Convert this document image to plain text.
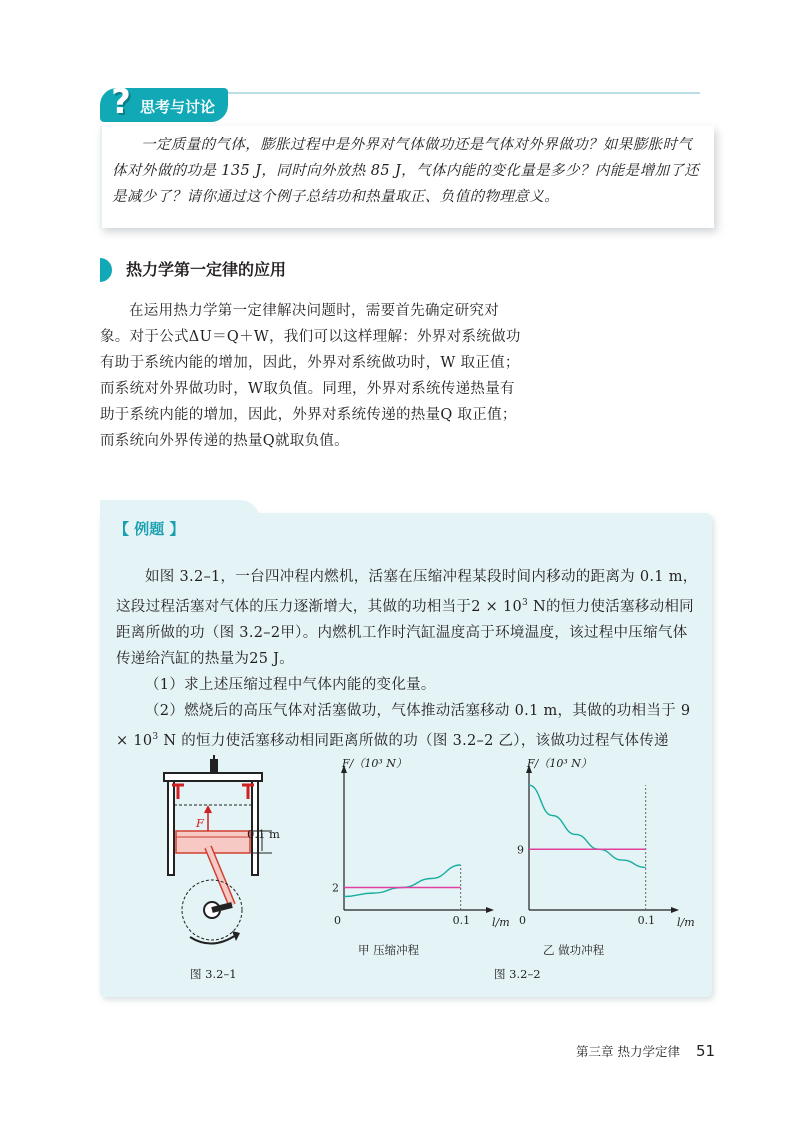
? 思考与讨论
一定质量的气体，膨胀过程中是外界对气体做功还是气体对外界做功？如果膨胀时气体对外做的功是 135 J，同时向外放热 85 J，气体内能的变化量是多少？内能是增加了还是减少了？请你通过这个例子总结功和热量取正、负值的物理意义。
热力学第一定律的应用
在运用热力学第一定律解决问题时，需要首先确定研究对象。对于公式ΔU＝Q＋W，我们可以这样理解：外界对系统做功有助于系统内能的增加，因此，外界对系统做功时，W 取正值；而系统对外界做功时，W取负值。同理，外界对系统传递热量有助于系统内能的增加，因此，外界对系统传递的热量Q 取正值；而系统向外界传递的热量Q就取负值。
【 例题 】

如图 3.2–1，一台四冲程内燃机，活塞在压缩冲程某段时间内移动的距离为 0.1 m，这段过程活塞对气体的压力逐渐增大，其做的功相当于$2 \times 10^3$ N的恒力使活塞移动相同距离所做的功（图 3.2–2甲）。内燃机工作时汽缸温度高于环境温度，该过程中压缩气体传递给汽缸的热量为25 J。

（1）求上述压缩过程中气体内能的变化量。

（2）燃烧后的高压气体对活塞做功，气体推动活塞移动 0.1 m，其做的功相当于 $9 \times 10^3$ N 的恒力使活塞移动相同距离所做的功（图 3.2–2 乙），该做功过程气体传递

F
0.1 m
图 3.2–1
F/（10³ N）
l/m
0	0.1
2
F/（10³ N）
l/m
0	0.1
9
甲 压缩冲程	乙 做功冲程
图 3.2–2
第三章 热力学定律 51
